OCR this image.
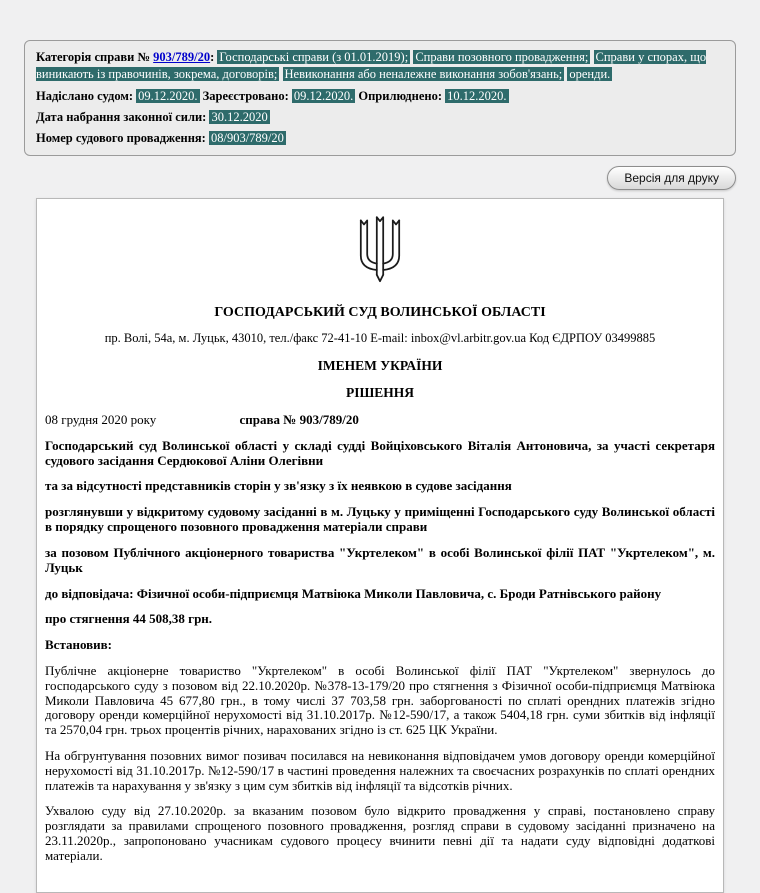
Категорія справи № 903/789/20: Господарські справи (з 01.01.2019); Справи позовного провадження; Справи у спорах, що виникають із правочинів, зокрема, договорів; Невиконання або неналежне виконання зобов'язань; оренди.
Надіслано судом: 09.12.2020. Зареєстровано: 09.12.2020. Оприлюднено: 10.12.2020.
Дата набрання законної сили: 30.12.2020
Номер судового провадження: 08/903/789/20
Версія для друку
ГОСПОДАРСЬКИЙ СУД ВОЛИНСЬКОЇ ОБЛАСТІ
пр. Волі, 54а, м. Луцьк, 43010, тел./факс 72-41-10 E-mail: inbox@vl.arbitr.gov.ua Код ЄДРПОУ 03499885
ІМЕНЕМ УКРАЇНИ
РІШЕННЯ
08 грудня 2020 року	справа № 903/789/20

Господарський суд Волинської області у складі судді Войціховського Віталія Антоновича, за участі секретаря судового засідання Сердюкової Аліни Олегівни

та за відсутності представників сторін у зв'язку з їх неявкою в судове засідання

розглянувши у відкритому судовому засіданні в м. Луцьку у приміщенні Господарського суду Волинської області в порядку спрощеного позовного провадження матеріали справи

за позовом Публічного акціонерного товариства "Укртелеком" в особі Волинської філії ПАТ "Укртелеком", м. Луцьк

до відповідача: Фізичної особи-підприємця Матвіюка Миколи Павловича, с. Броди Ратнівського району

про стягнення 44 508,38 грн.

Встановив:

Публічне акціонерне товариство "Укртелеком" в особі Волинської філії ПАТ "Укртелеком" звернулось до господарського суду з позовом від 22.10.2020р. №378-13-179/20 про стягнення з Фізичної особи-підприємця Матвіюка Миколи Павловича 45 677,80 грн., в тому числі 37 703,58 грн. заборгованості по сплаті орендних платежів згідно договору оренди комерційної нерухомості від 31.10.2017р. №12-590/17, а також 5404,18 грн. суми збитків від інфляції та 2570,04 грн. трьох процентів річних, нарахованих згідно із ст. 625 ЦК України.

На обгрунтування позовних вимог позивач посилався на невиконання відповідачем умов договору оренди комерційної нерухомості від 31.10.2017р. №12-590/17 в частині проведення належних та своєчасних розрахунків по сплаті орендних платежів та нарахування у зв'язку з цим сум збитків від інфляції та відсотків річних.

Ухвалою суду від 27.10.2020р. за вказаним позовом було відкрито провадження у справі, постановлено справу розглядати за правилами спрощеного позовного провадження, розгляд справи в судовому засіданні призначено на 23.11.2020р., запропоновано учасникам судового процесу вчинити певні дії та надати суду відповідні додаткові матеріали.
